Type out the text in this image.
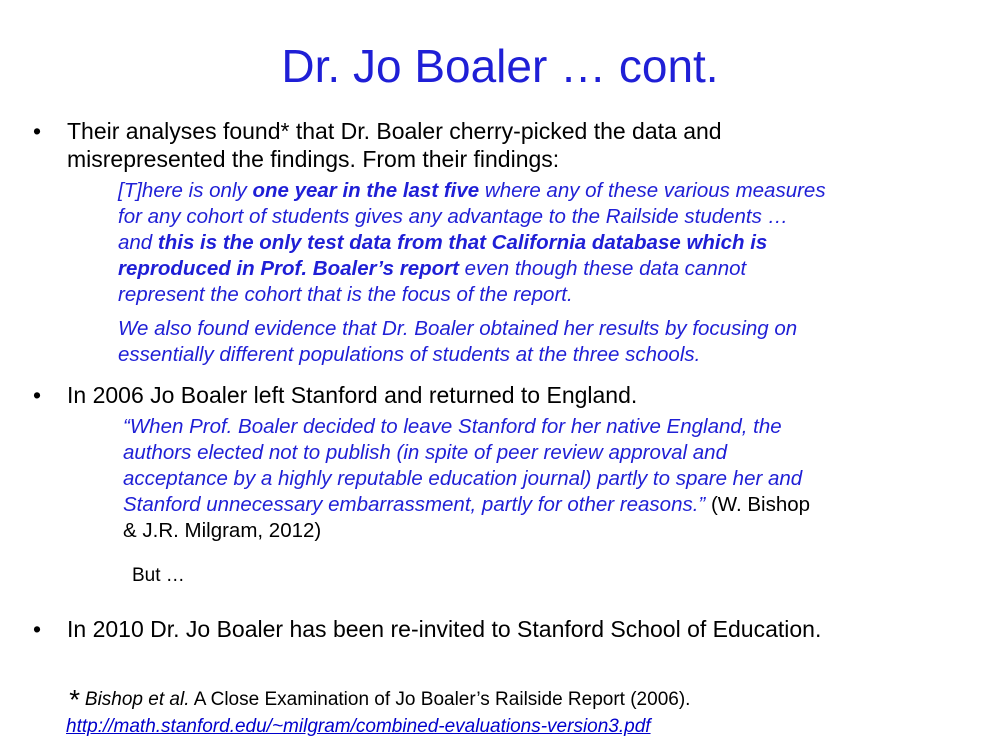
Dr. Jo Boaler … cont.
• Their analyses found* that Dr. Boaler cherry-picked the data and
misrepresented the findings. From their findings:
[T]here is only one year in the last five where any of these various measures
for any cohort of students gives any advantage to the Railside students …
and this is the only test data from that California database which is
reproduced in Prof. Boaler’s report even though these data cannot
represent the cohort that is the focus of the report.
We also found evidence that Dr. Boaler obtained her results by focusing on
essentially different populations of students at the three schools.
• In 2006 Jo Boaler left Stanford and returned to England.
“When Prof. Boaler decided to leave Stanford for her native England, the
authors elected not to publish (in spite of peer review approval and
acceptance by a highly reputable education journal) partly to spare her and
Stanford unnecessary embarrassment, partly for other reasons.” (W. Bishop
& J.R. Milgram, 2012)
But …
• In 2010 Dr. Jo Boaler has been re-invited to Stanford School of Education.
* Bishop et al. A Close Examination of Jo Boaler’s Railside Report (2006).
http://math.stanford.edu/~milgram/combined-evaluations-version3.pdf
